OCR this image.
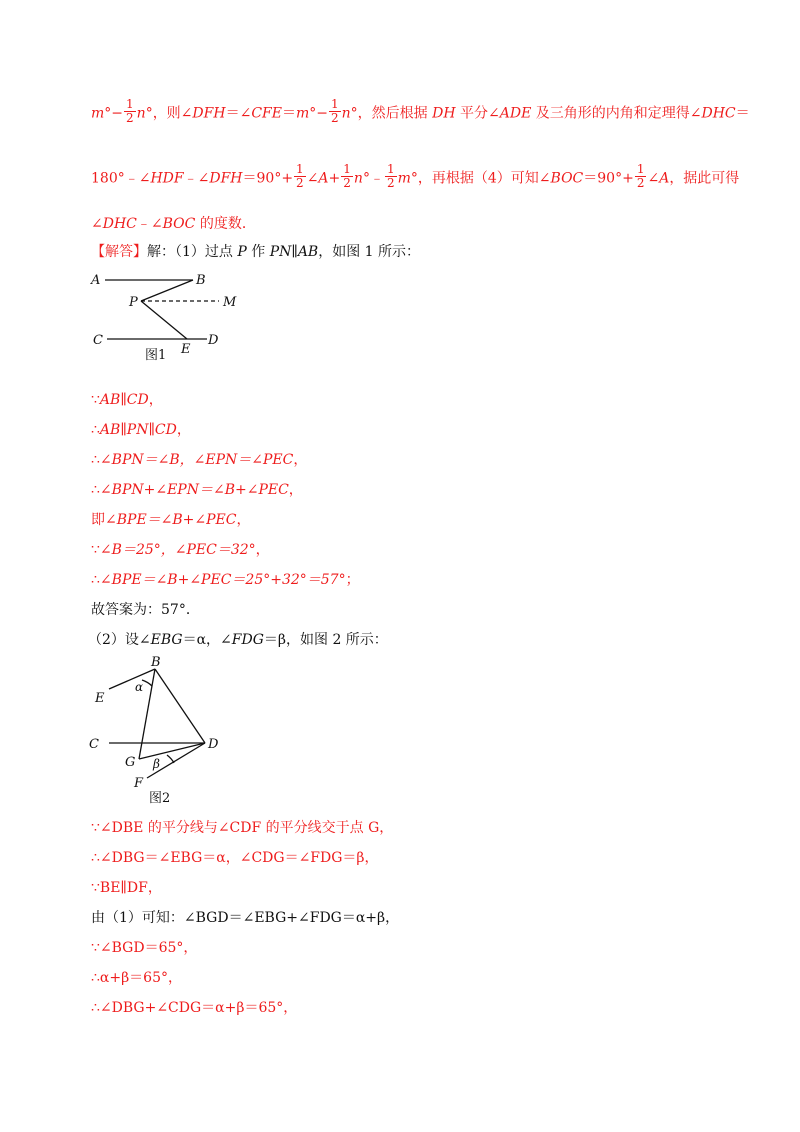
$m^\circ- \frac{1}{2} n^\circ$，则∠DFH＝∠CFE＝m°− $\frac{1}{2} n^\circ$，然后根据 DH 平分∠ADE 及三角形的内角和定理得∠DHC＝
180°﹣∠HDF﹣∠DFH＝90°+ $\frac{1}{2}$ ∠A+ $\frac{1}{2}$ n°﹣ $\frac{1}{2} m^\circ$，再根据（4）可知∠BOC＝90°+ $\frac{1}{2}$ ∠A，据此可得
∠DHC﹣∠BOC 的度数．
【解答】解：（1）过点 P 作 PN∥AB，如图 1 所示：
A	B
P	M
C
E
D
图1
∵AB∥CD，
∴AB∥PN∥CD，
∴∠BPN＝∠B，∠EPN＝∠PEC，
∴∠BPN+∠EPN＝∠B+∠PEC，
即∠BPE＝∠B+∠PEC，
∵∠B＝25°，∠PEC＝32°，
∴∠BPE＝∠B+∠PEC＝25°+32°＝57°；
故答案为：57°．
（2）设∠EBG＝α，∠FDG＝β，如图 2 所示：
B
α
E
C	D
G β
F
图2
∵∠DBE 的平分线与∠CDF 的平分线交于点 G，
∴∠DBG＝∠EBG＝α，∠CDG＝∠FDG＝β，
∵BE∥DF，
由（1）可知：∠BGD＝∠EBG+∠FDG＝α+β，
∵∠BGD＝65°，
∴α+β＝65°，
∴∠DBG+∠CDG＝α+β＝65°，
